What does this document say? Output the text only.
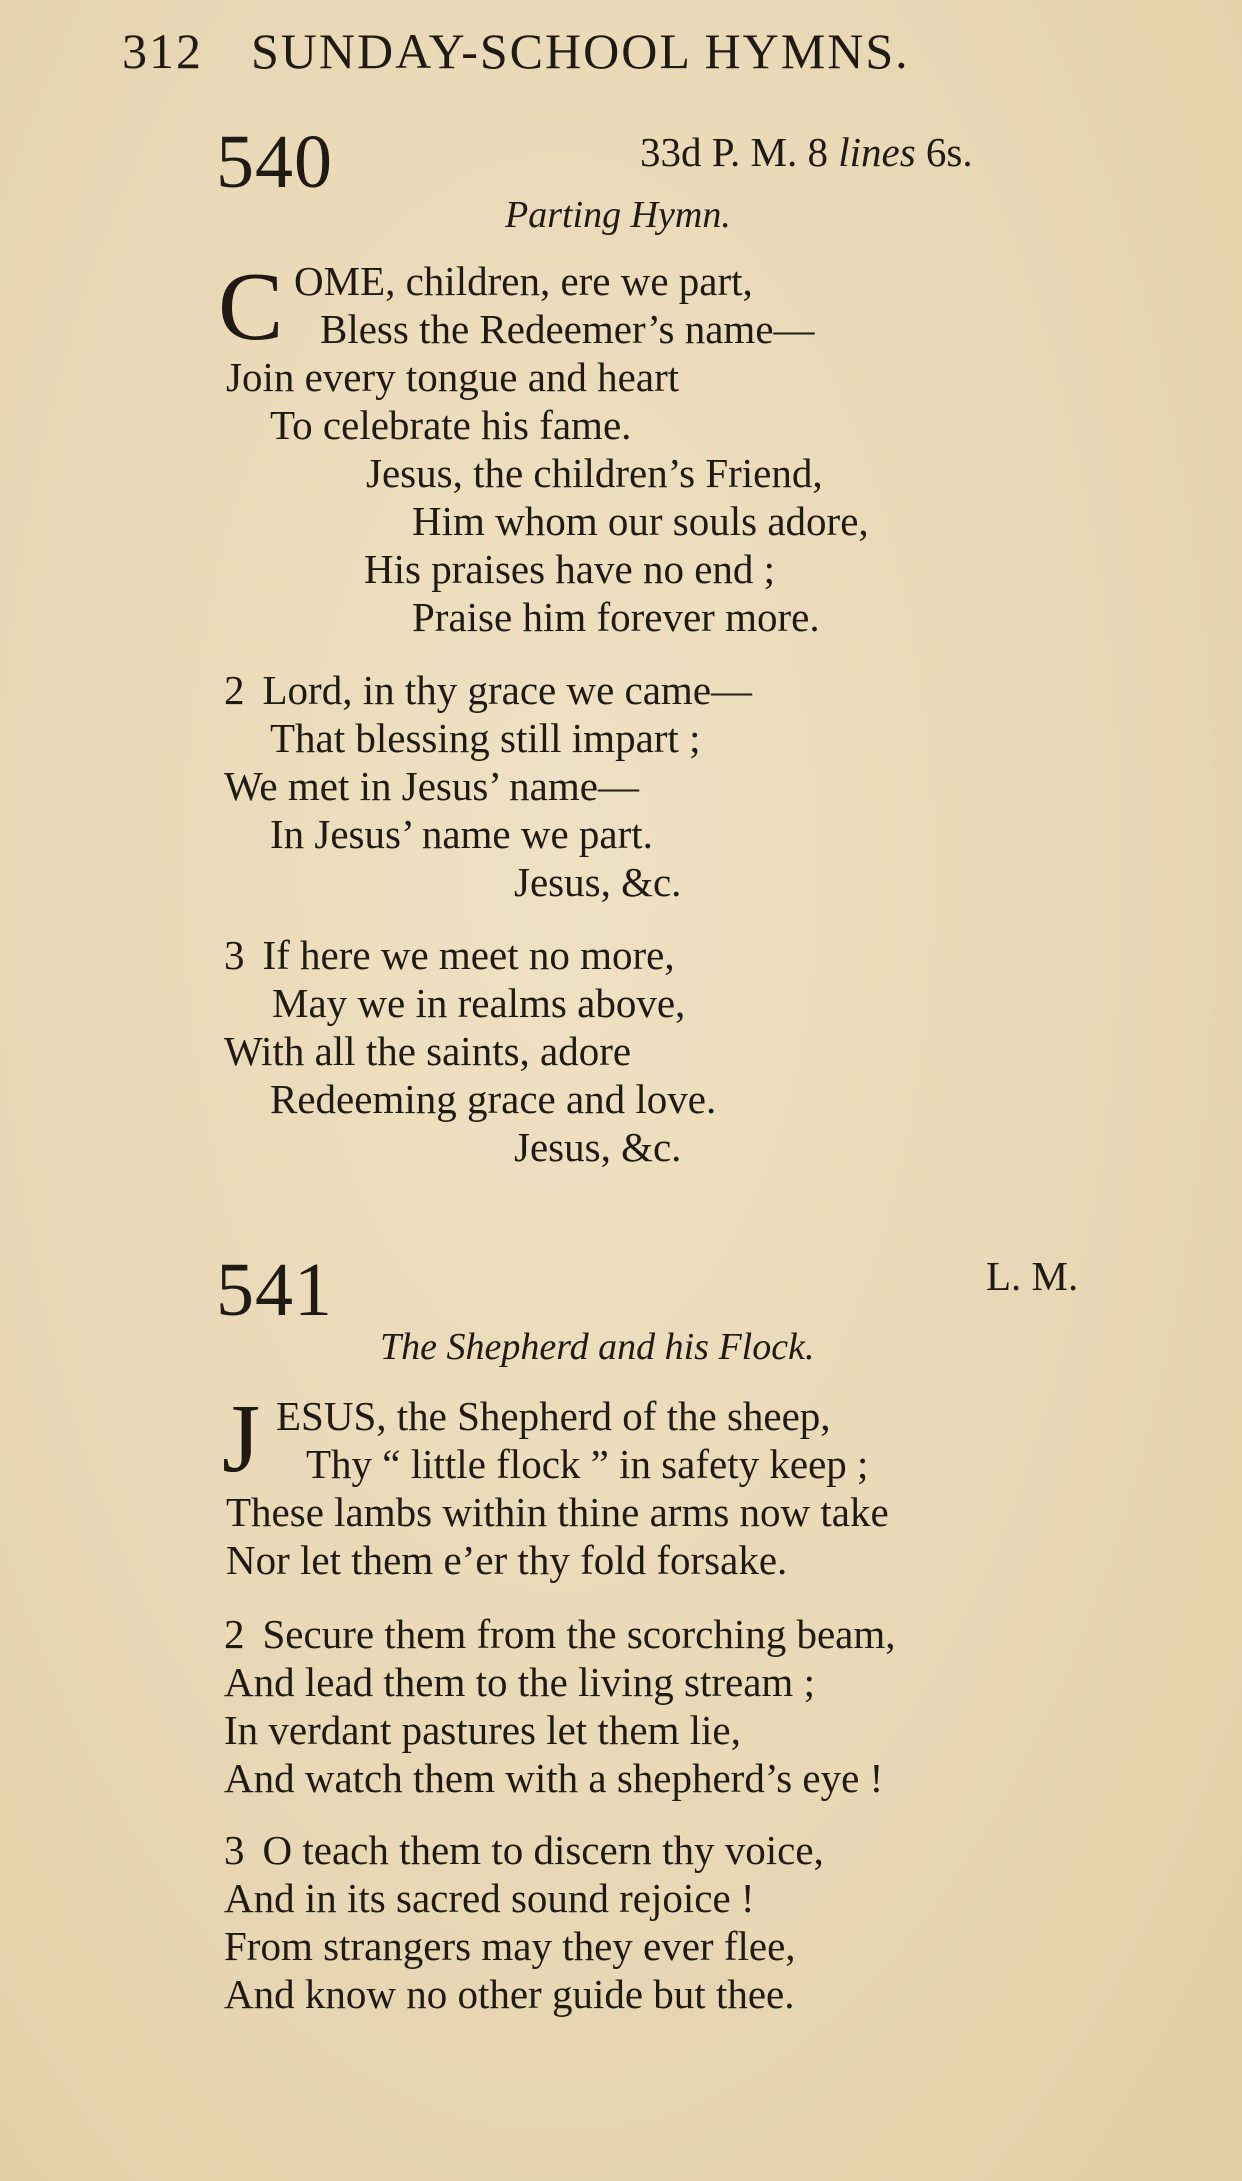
312 SUNDAY-SCHOOL HYMNS.
540	33d P. M. 8 lines 6s.
Parting Hymn.
C OME, children, ere we part,
Bless the Redeemer’s name—
Join every tongue and heart
To celebrate his fame.
Jesus, the children’s Friend,
Him whom our souls adore,
His praises have no end ;
Praise him forever more.
2 Lord, in thy grace we came—
That blessing still impart ;
We met in Jesus’ name—
In Jesus’ name we part.
Jesus, &c.
3 If here we meet no more,
May we in realms above,
With all the saints, adore
Redeeming grace and love.
Jesus, &c.
541	L. M.
The Shepherd and his Flock.
J ESUS, the Shepherd of the sheep,
Thy “ little flock ” in safety keep ;
These lambs within thine arms now take
Nor let them e’er thy fold forsake.
2 Secure them from the scorching beam,
And lead them to the living stream ;
In verdant pastures let them lie,
And watch them with a shepherd’s eye !
3 O teach them to discern thy voice,
And in its sacred sound rejoice !
From strangers may they ever flee,
And know no other guide but thee.
